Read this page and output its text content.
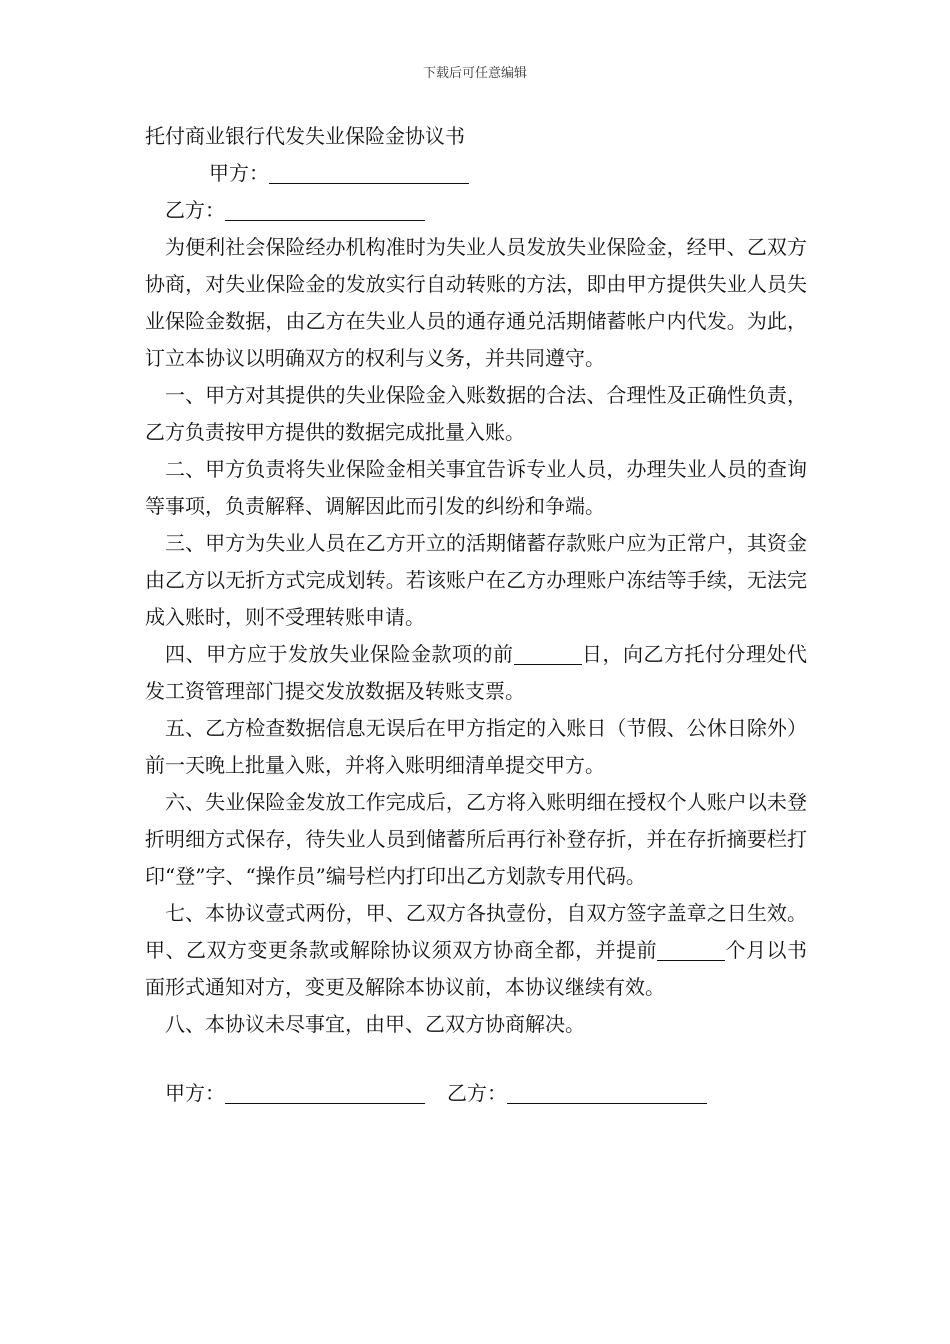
下载后可任意编辑

托付商业银行代发失业保险金协议书

甲方：

乙方：

为便利社会保险经办机构准时为失业人员发放失业保险金，经甲、乙双方协商，对失业保险金的发放实行自动转账的方法，即由甲方提供失业人员失业保险金数据，由乙方在失业人员的通存通兑活期储蓄帐户内代发。为此，订立本协议以明确双方的权利与义务，并共同遵守。

一、甲方对其提供的失业保险金入账数据的合法、合理性及正确性负责，乙方负责按甲方提供的数据完成批量入账。

二、甲方负责将失业保险金相关事宜告诉专业人员，办理失业人员的查询等事项，负责解释、调解因此而引发的纠纷和争端。

三、甲方为失业人员在乙方开立的活期储蓄存款账户应为正常户，其资金由乙方以无折方式完成划转。若该账户在乙方办理账户冻结等手续，无法完成入账时，则不受理转账申请。

四、甲方应于发放失业保险金款项的前	日，向乙方托付分理处代发工资管理部门提交发放数据及转账支票。

五、乙方检查数据信息无误后在甲方指定的入账日（节假、公休日除外）前一天晚上批量入账，并将入账明细清单提交甲方。

六、失业保险金发放工作完成后，乙方将入账明细在授权个人账户以未登折明细方式保存，待失业人员到储蓄所后再行补登存折，并在存折摘要栏打印“登”字、“操作员”编号栏内打印出乙方划款专用代码。

七、本协议壹式两份，甲、乙双方各执壹份，自双方签字盖章之日生效。甲、乙双方变更条款或解除协议须双方协商全都，并提前	个月以书面形式通知对方，变更及解除本协议前，本协议继续有效。

八、本协议未尽事宜，由甲、乙双方协商解决。

甲方：	乙方：
